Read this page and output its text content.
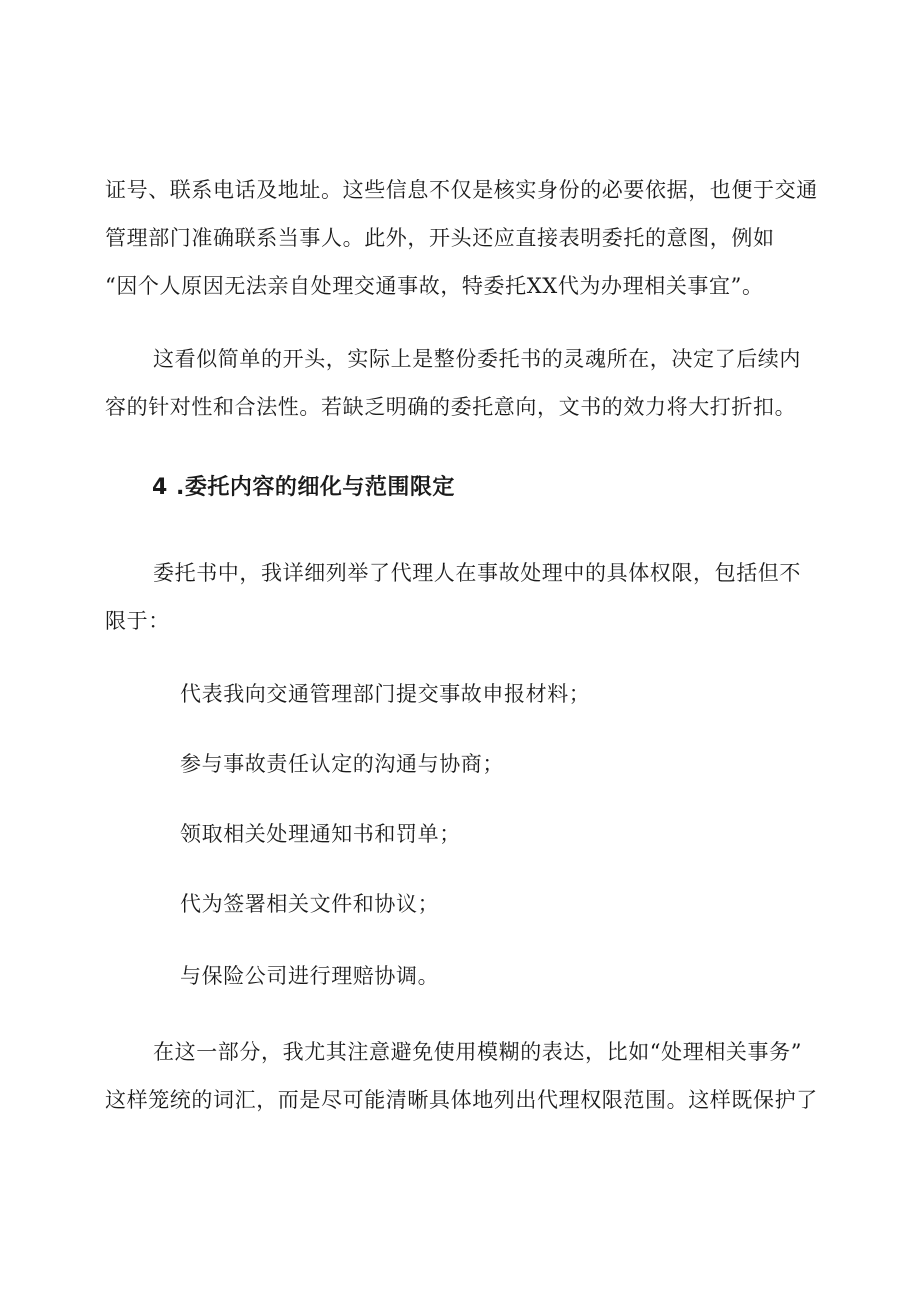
证号、联系电话及地址。这些信息不仅是核实身份的必要依据，也便于交通
管理部门准确联系当事人。此外，开头还应直接表明委托的意图，例如
“因个人原因无法亲自处理交通事故，特委托XX代为办理相关事宜”。
这看似简单的开头，实际上是整份委托书的灵魂所在，决定了后续内
容的针对性和合法性。若缺乏明确的委托意向，文书的效力将大打折扣。
4 .委托内容的细化与范围限定
委托书中，我详细列举了代理人在事故处理中的具体权限，包括但不
限于：

代表我向交通管理部门提交事故申报材料；

参与事故责任认定的沟通与协商；

领取相关处理通知书和罚单；

代为签署相关文件和协议；

与保险公司进行理赔协调。

在这一部分，我尤其注意避免使用模糊的表达，比如“处理相关事务”
这样笼统的词汇，而是尽可能清晰具体地列出代理权限范围。这样既保护了
